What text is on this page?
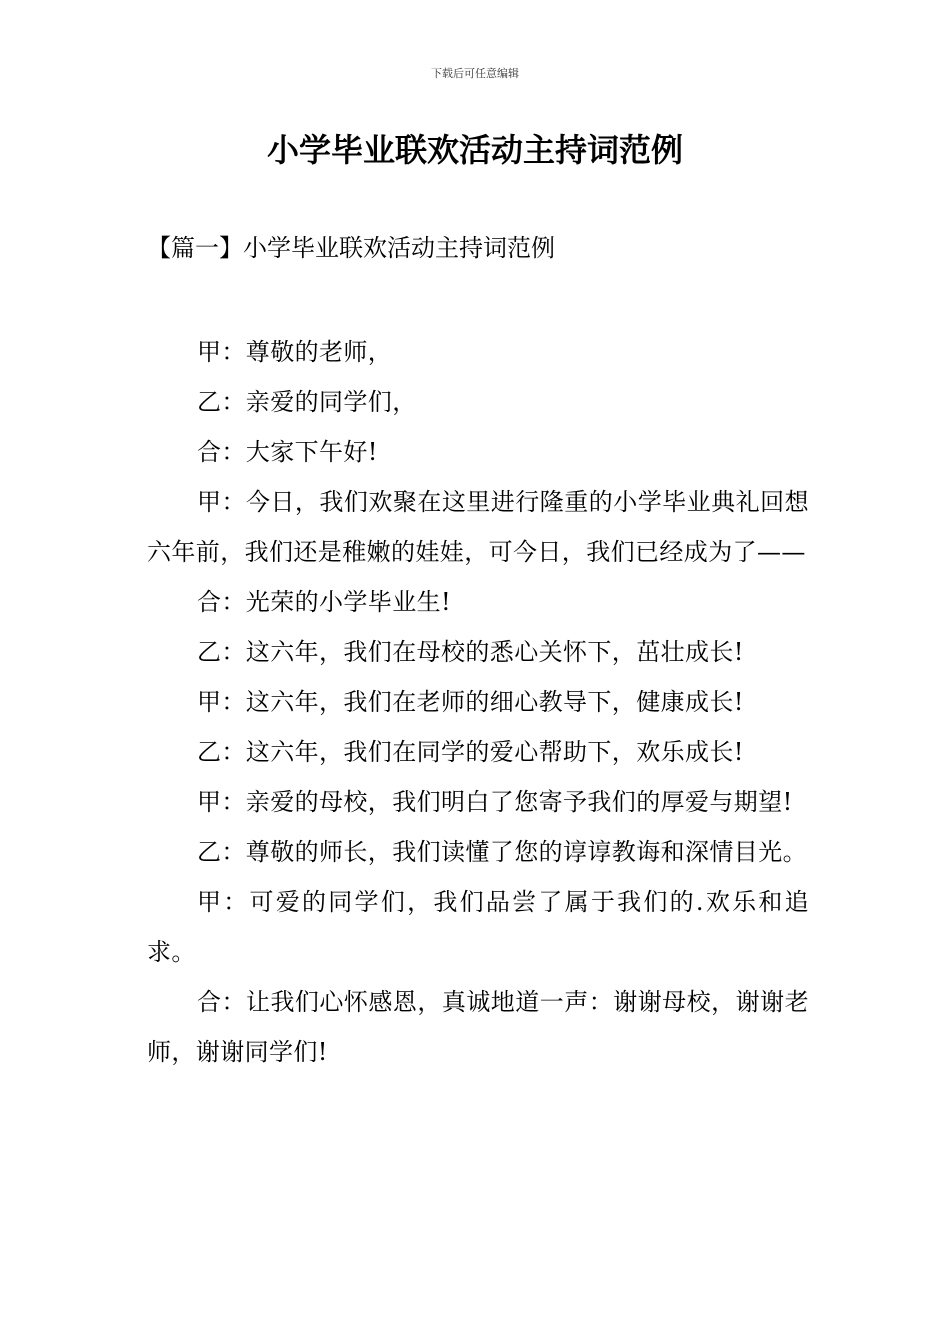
下载后可任意编辑
小学毕业联欢活动主持词范例
【篇一】小学毕业联欢活动主持词范例

甲：尊敬的老师，

乙：亲爱的同学们，

合：大家下午好!

甲：今日，我们欢聚在这里进行隆重的小学毕业典礼回想六年前，我们还是稚嫩的娃娃，可今日，我们已经成为了——

合：光荣的小学毕业生!

乙：这六年，我们在母校的悉心关怀下，茁壮成长!

甲：这六年，我们在老师的细心教导下，健康成长!

乙：这六年，我们在同学的爱心帮助下，欢乐成长!

甲：亲爱的母校，我们明白了您寄予我们的厚爱与期望!

乙：尊敬的师长，我们读懂了您的谆谆教诲和深情目光。

甲：可爱的同学们，我们品尝了属于我们的.欢乐和追求。

合：让我们心怀感恩，真诚地道一声：谢谢母校，谢谢老师，谢谢同学们!
